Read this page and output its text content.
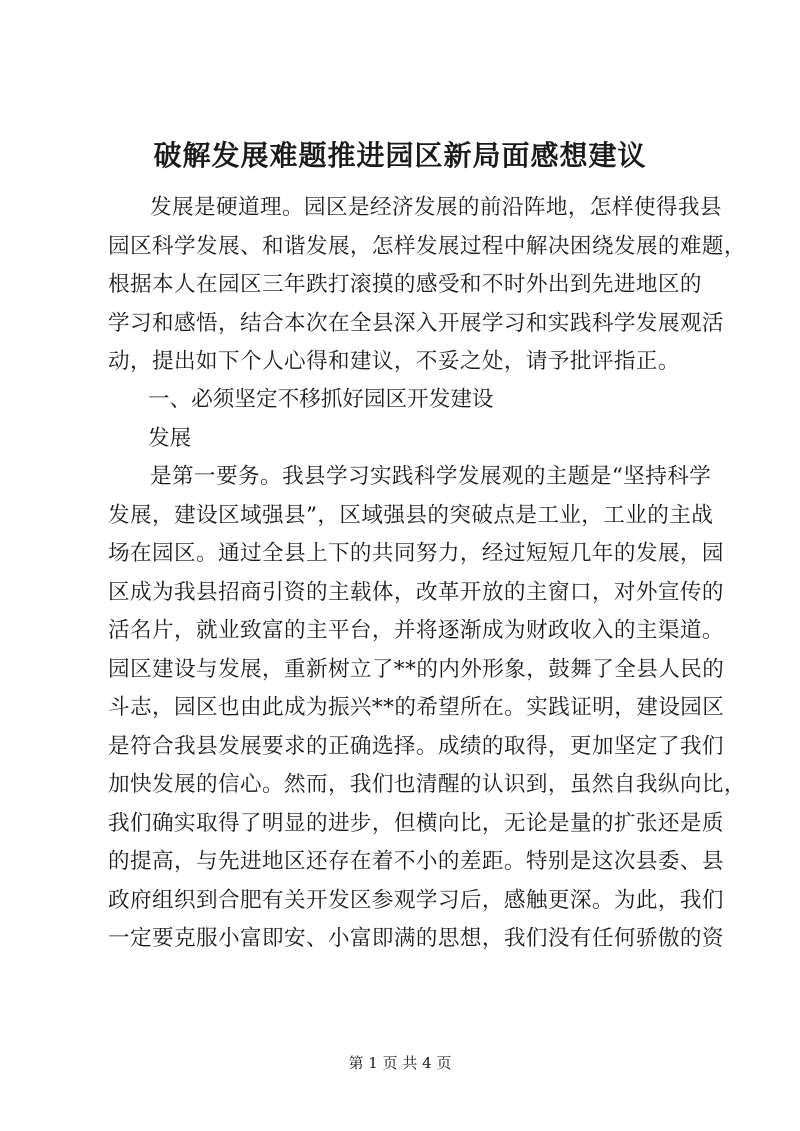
破解发展难题推进园区新局面感想建议
发展是硬道理。园区是经济发展的前沿阵地，怎样使得我县
园区科学发展、和谐发展，怎样发展过程中解决困绕发展的难题，
根据本人在园区三年跌打滚摸的感受和不时外出到先进地区的
学习和感悟，结合本次在全县深入开展学习和实践科学发展观活
动，提出如下个人心得和建议，不妥之处，请予批评指正。
一、必须坚定不移抓好园区开发建设
发展
是第一要务。我县学习实践科学发展观的主题是“坚持科学
发展，建设区域强县”，区域强县的突破点是工业，工业的主战
场在园区。通过全县上下的共同努力，经过短短几年的发展，园
区成为我县招商引资的主载体，改革开放的主窗口，对外宣传的
活名片，就业致富的主平台，并将逐渐成为财政收入的主渠道。
园区建设与发展，重新树立了**的内外形象，鼓舞了全县人民的
斗志，园区也由此成为振兴**的希望所在。实践证明，建设园区
是符合我县发展要求的正确选择。成绩的取得，更加坚定了我们
加快发展的信心。然而，我们也清醒的认识到，虽然自我纵向比，
我们确实取得了明显的进步，但横向比，无论是量的扩张还是质
的提高，与先进地区还存在着不小的差距。特别是这次县委、县
政府组织到合肥有关开发区参观学习后，感触更深。为此，我们
一定要克服小富即安、小富即满的思想，我们没有任何骄傲的资
第 1 页 共 4 页
